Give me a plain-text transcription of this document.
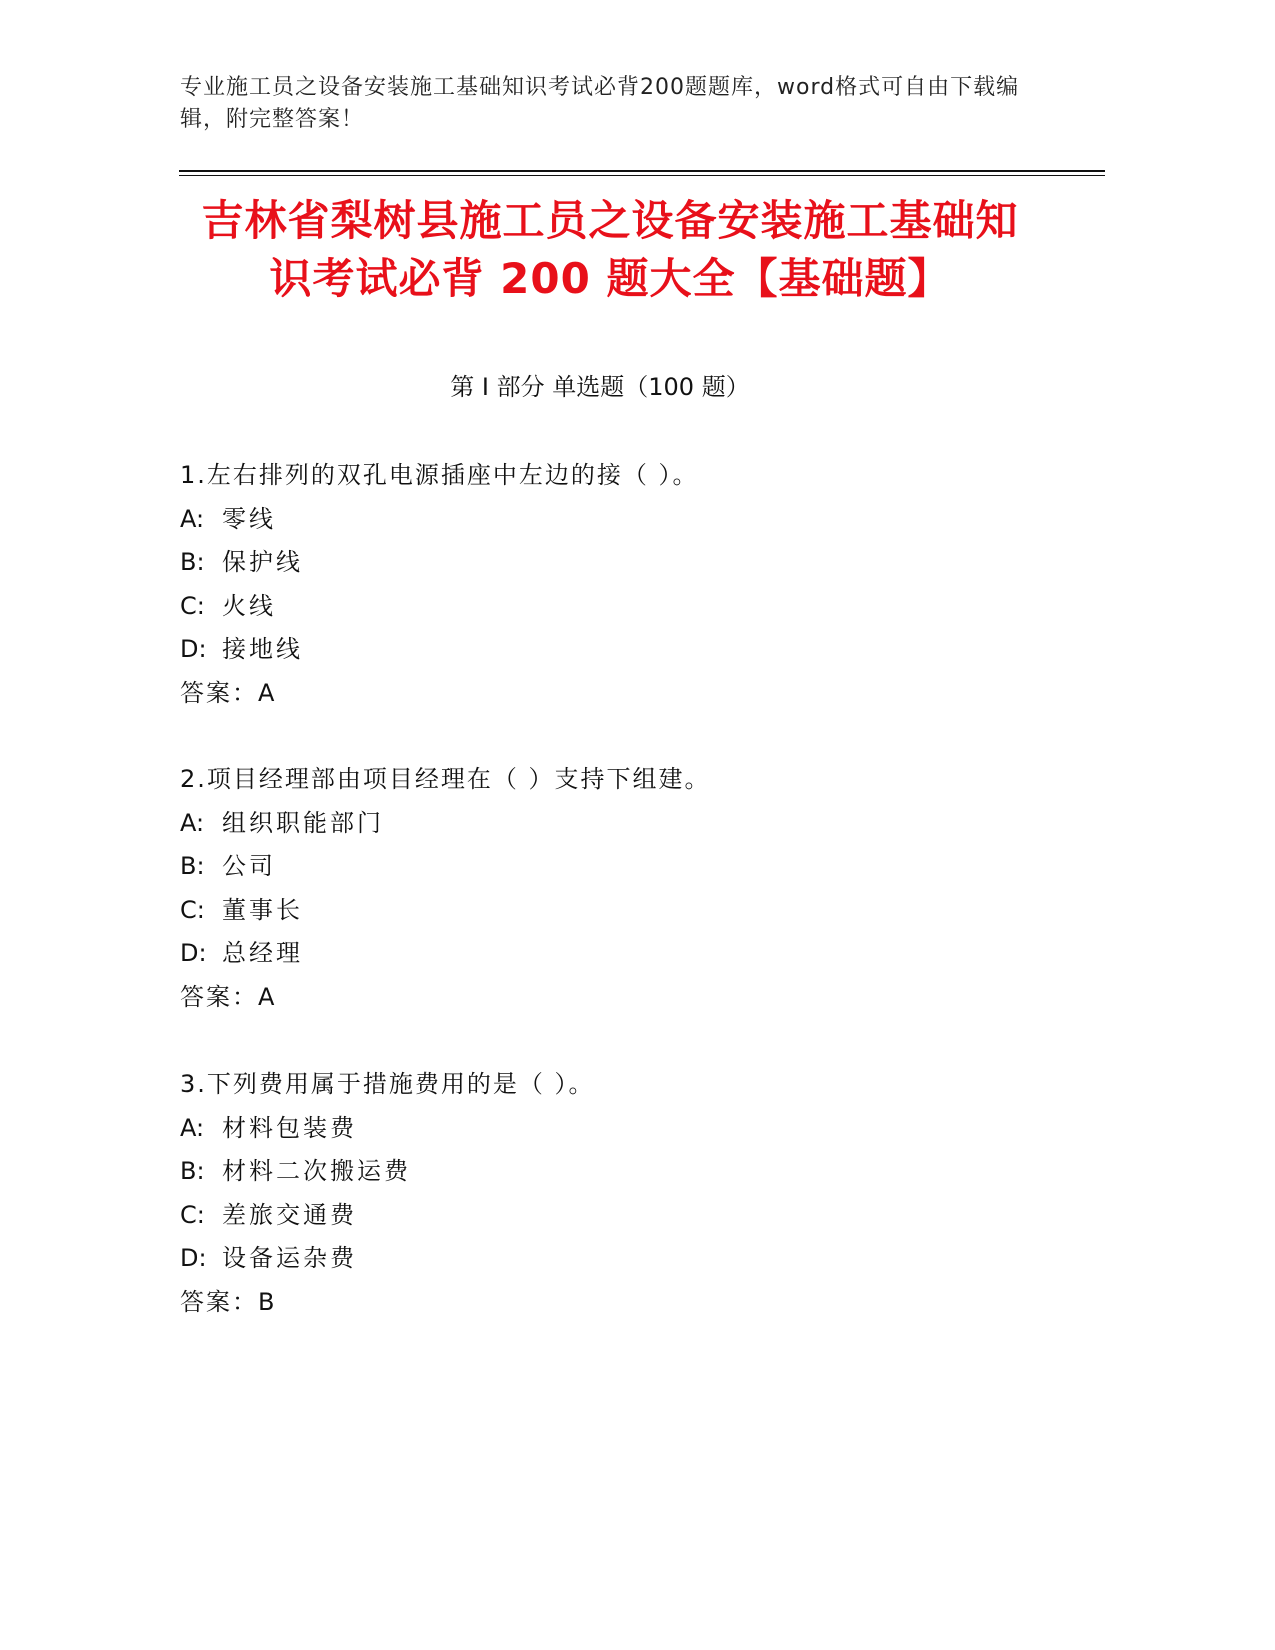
专业施工员之设备安装施工基础知识考试必背200题题库，word格式可自由下载编辑，附完整答案！
吉林省梨树县施工员之设备安装施工基础知
识考试必背 200 题大全【基础题】
第 I 部分 单选题（100 题）
1.左右排列的双孔电源插座中左边的接（ ）。
A: 零线
B: 保护线
C: 火线
D: 接地线
答案：A
2.项目经理部由项目经理在（ ）支持下组建。
A: 组织职能部门
B: 公司
C: 董事长
D: 总经理
答案：A
3.下列费用属于措施费用的是（ ）。
A: 材料包装费
B: 材料二次搬运费
C: 差旅交通费
D: 设备运杂费
答案：B
